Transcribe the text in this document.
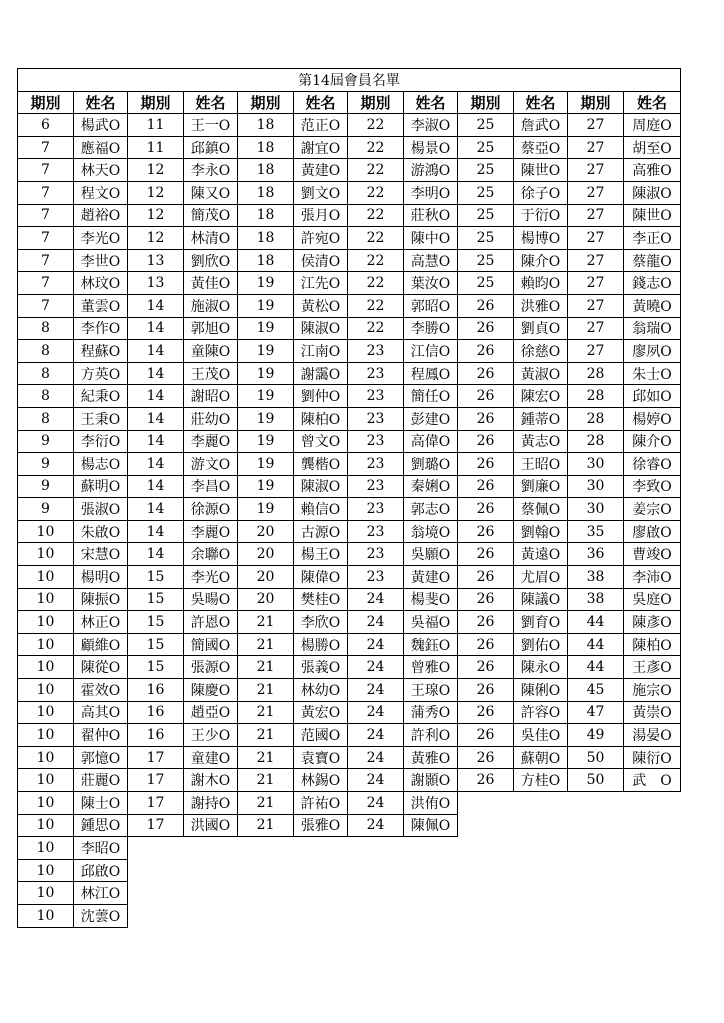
第14屆會員名單											
期別	姓名	期別	姓名	期別	姓名	期別	姓名	期別	姓名	期別	姓名
6	楊武O	11	王一O	18	范正O	22	李淑O	25	詹武O	27	周庭O
7	應福O	11	邱鎮O	18	謝宜O	22	楊景O	25	蔡亞O	27	胡至O
7	林天O	12	李永O	18	黃建O	22	游鴻O	25	陳世O	27	高雅O
7	程文O	12	陳又O	18	劉文O	22	李明O	25	徐子O	27	陳淑O
7	趙裕O	12	簡茂O	18	張月O	22	莊秋O	25	于衍O	27	陳世O
7	李光O	12	林清O	18	許宛O	22	陳中O	25	楊博O	27	李正O
7	李世O	13	劉欣O	18	侯清O	22	高慧O	25	陳介O	27	蔡龍O
7	林玟O	13	黃佳O	19	江先O	22	葉汝O	25	賴昀O	27	錢志O
7	董雲O	14	施淑O	19	黃松O	22	郭昭O	26	洪雅O	27	黃曉O
8	李作O	14	郭旭O	19	陳淑O	22	李勝O	26	劉貞O	27	翁瑞O
8	程蘇O	14	童陳O	19	江南O	23	江信O	26	徐慈O	27	廖夙O
8	方英O	14	王茂O	19	謝靄O	23	程鳳O	26	黃淑O	28	朱士O
8	紀秉O	14	謝昭O	19	劉仲O	23	簡任O	26	陳宏O	28	邱如O
8	王秉O	14	莊幼O	19	陳柏O	23	彭建O	26	鍾蒂O	28	楊婷O
9	李衍O	14	李麗O	19	曾文O	23	高偉O	26	黃志O	28	陳介O
9	楊志O	14	游文O	19	龔楷O	23	劉璐O	26	王昭O	30	徐睿O
9	蘇明O	14	李昌O	19	陳淑O	23	秦娳O	26	劉廉O	30	李致O
9	張淑O	14	徐源O	19	賴信O	23	郭志O	26	蔡佩O	30	姜宗O
10	朱啟O	14	李麗O	20	古源O	23	翁境O	26	劉翰O	35	廖啟O
10	宋慧O	14	余聯O	20	楊王O	23	吳願O	26	黃遠O	36	曹竣O
10	楊明O	15	李光O	20	陳偉O	23	黃建O	26	尤眉O	38	李沛O
10	陳振O	15	吳暘O	20	樊桂O	24	楊斐O	26	陳議O	38	吳庭O
10	林正O	15	許恩O	21	李欣O	24	吳福O	26	劉育O	44	陳彥O
10	顧維O	15	簡國O	21	楊勝O	24	魏鈺O	26	劉佑O	44	陳柏O
10	陳從O	15	張源O	21	張義O	24	曾雅O	26	陳永O	44	王彥O
10	霍效O	16	陳慶O	21	林幼O	24	王瑔O	26	陳俐O	45	施宗O
10	高其O	16	趙亞O	21	黃宏O	24	蒲秀O	26	許容O	47	黃崇O
10	翟仲O	16	王少O	21	范國O	24	許利O	26	吳佳O	49	湯晏O
10	郭憶O	17	童建O	21	袁寶O	24	黃雅O	26	蘇朝O	50	陳衍O
10	莊麗O	17	謝木O	21	林錫O	24	謝顥O	26	方桂O	50	武　O
10	陳士O	17	謝持O	21	許祐O	24	洪侑O				
10	鍾思O	17	洪國O	21	張雅O	24	陳佩O				
10	李昭O										
10	邱啟O										
10	林江O										
10	沈蕓O										
